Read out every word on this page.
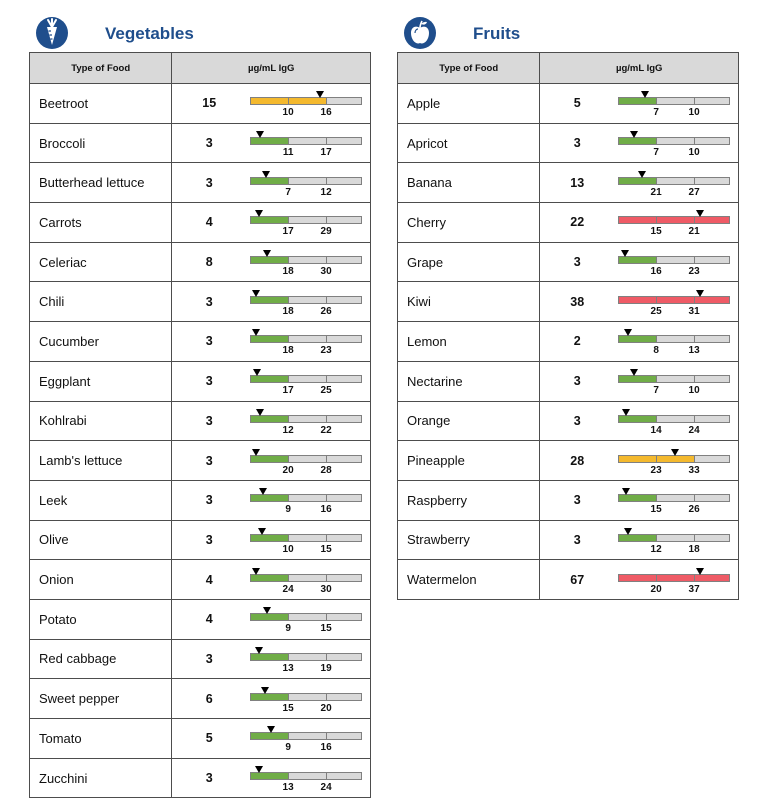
Vegetables
Type of Food	µg/mL IgG	
Beetroot	15	10 16

Broccoli	3	11 17

Butterhead lettuce	3	7 12

Carrots	4	17 29

Celeriac	8	18 30

Chili	3	18 26

Cucumber	3	18 23

Eggplant	3	17 25

Kohlrabi	3	12 22

Lamb's lettuce	3	20 28

Leek	3	9 16

Olive	3	10 15

Onion	4	24 30

Potato	4	9 15

Red cabbage	3	13 19

Sweet pepper	6	15 20

Tomato	5	9 16

Zucchini	3	13 24
Fruits
Type of Food	µg/mL IgG	
Apple	5	7 10

Apricot	3	7 10

Banana	13	21 27

Cherry	22	15 21

Grape	3	16 23

Kiwi	38	25 31

Lemon	2	8 13

Nectarine	3	7 10

Orange	3	14 24

Pineapple	28	23 33

Raspberry	3	15 26

Strawberry	3	12 18

Watermelon	67	20 37
